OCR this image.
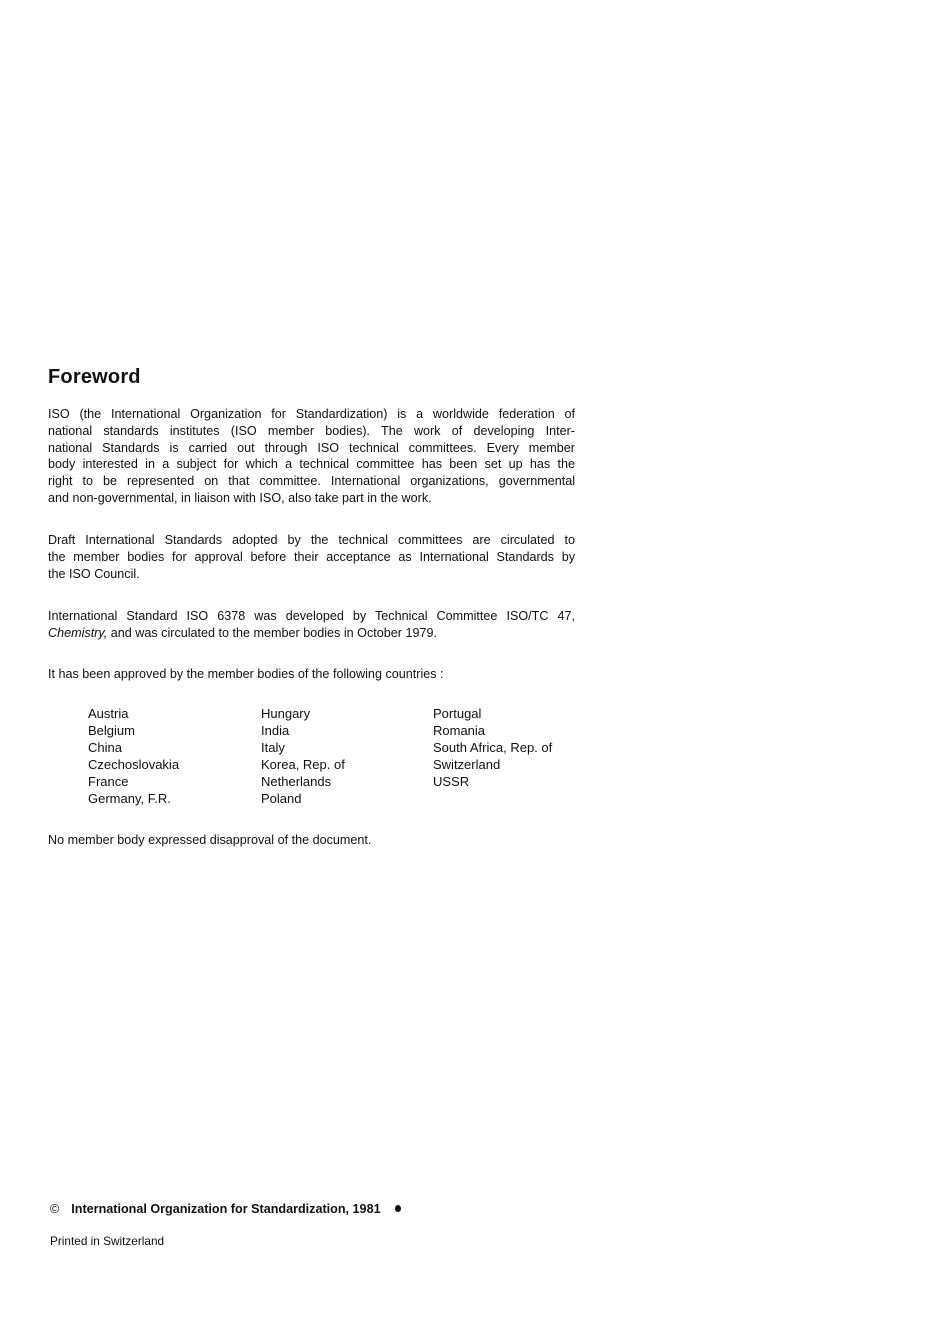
Foreword

ISO (the International Organization for Standardization) is a worldwide federation of
national standards institutes (ISO member bodies). The work of developing Inter-
national Standards is carried out through ISO technical committees. Every member
body interested in a subject for which a technical committee has been set up has the
right to be represented on that committee. International organizations, governmental
and non-governmental, in liaison with ISO, also take part in the work.

Draft International Standards adopted by the technical committees are circulated to
the member bodies for approval before their acceptance as International Standards by
the ISO Council.

International Standard ISO 6378 was developed by Technical Committee ISO/TC 47,
Chemistry, and was circulated to the member bodies in October 1979.

It has been approved by the member bodies of the following countries :

Austria
Belgium
China
Czechoslovakia
France
Germany, F.R.
Hungary
India
Italy
Korea, Rep. of
Netherlands
Poland
Portugal
Romania
South Africa, Rep. of
Switzerland
USSR

No member body expressed disapproval of the document.

© International Organization for Standardization, 1981
Printed in Switzerland
